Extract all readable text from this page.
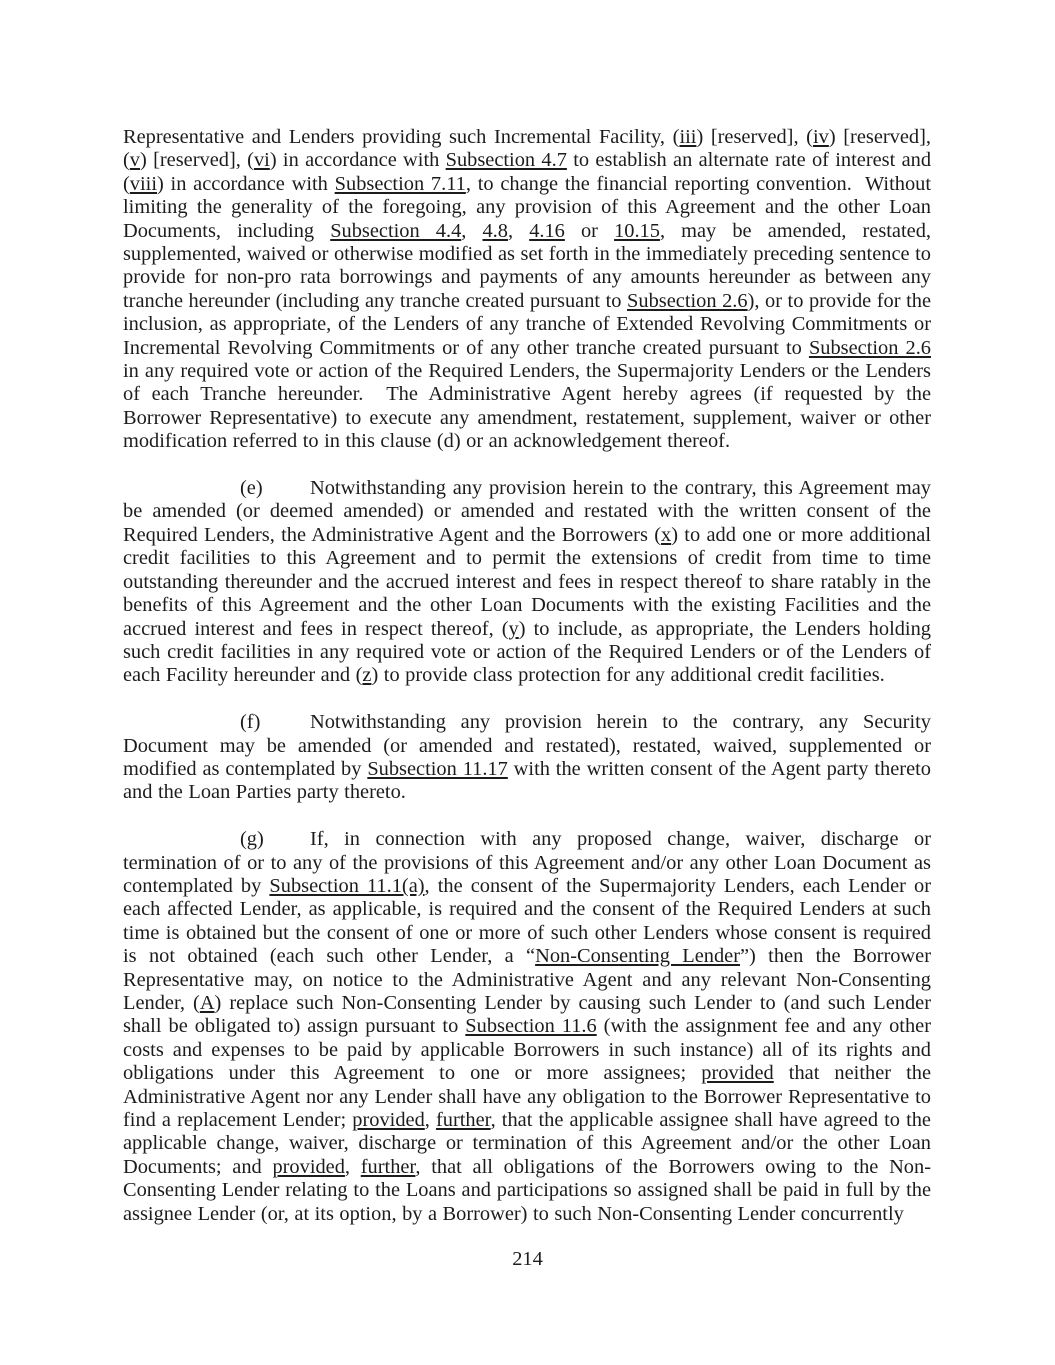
Representative and Lenders providing such Incremental Facility, (iii) [reserved], (iv) [reserved], (v) [reserved], (vi) in accordance with Subsection 4.7 to establish an alternate rate of interest and (viii) in accordance with Subsection 7.11, to change the financial reporting convention.  Without limiting the generality of the foregoing, any provision of this Agreement and the other Loan Documents, including Subsection 4.4, 4.8, 4.16 or 10.15, may be amended, restated, supplemented, waived or otherwise modified as set forth in the immediately preceding sentence to provide for non-pro rata borrowings and payments of any amounts hereunder as between any tranche hereunder (including any tranche created pursuant to Subsection 2.6), or to provide for the inclusion, as appropriate, of the Lenders of any tranche of Extended Revolving Commitments or Incremental Revolving Commitments or of any other tranche created pursuant to Subsection 2.6 in any required vote or action of the Required Lenders, the Supermajority Lenders or the Lenders of each Tranche hereunder.  The Administrative Agent hereby agrees (if requested by the Borrower Representative) to execute any amendment, restatement, supplement, waiver or other modification referred to in this clause (d) or an acknowledgement thereof.

(e) Notwithstanding any provision herein to the contrary, this Agreement may be amended (or deemed amended) or amended and restated with the written consent of the Required Lenders, the Administrative Agent and the Borrowers (x) to add one or more additional credit facilities to this Agreement and to permit the extensions of credit from time to time outstanding thereunder and the accrued interest and fees in respect thereof to share ratably in the benefits of this Agreement and the other Loan Documents with the existing Facilities and the accrued interest and fees in respect thereof, (y) to include, as appropriate, the Lenders holding such credit facilities in any required vote or action of the Required Lenders or of the Lenders of each Facility hereunder and (z) to provide class protection for any additional credit facilities.

(f) Notwithstanding any provision herein to the contrary, any Security Document may be amended (or amended and restated), restated, waived, supplemented or modified as contemplated by Subsection 11.17 with the written consent of the Agent party thereto and the Loan Parties party thereto.

(g) If, in connection with any proposed change, waiver, discharge or termination of or to any of the provisions of this Agreement and/or any other Loan Document as contemplated by Subsection 11.1(a), the consent of the Supermajority Lenders, each Lender or each affected Lender, as applicable, is required and the consent of the Required Lenders at such time is obtained but the consent of one or more of such other Lenders whose consent is required is not obtained (each such other Lender, a “Non-Consenting Lender”) then the Borrower Representative may, on notice to the Administrative Agent and any relevant Non-Consenting Lender, (A) replace such Non-Consenting Lender by causing such Lender to (and such Lender shall be obligated to) assign pursuant to Subsection 11.6 (with the assignment fee and any other costs and expenses to be paid by applicable Borrowers in such instance) all of its rights and obligations under this Agreement to one or more assignees; provided that neither the Administrative Agent nor any Lender shall have any obligation to the Borrower Representative to find a replacement Lender; provided, further, that the applicable assignee shall have agreed to the applicable change, waiver, discharge or termination of this Agreement and/or the other Loan Documents; and provided, further, that all obligations of the Borrowers owing to the Non-Consenting Lender relating to the Loans and participations so assigned shall be paid in full by the assignee Lender (or, at its option, by a Borrower) to such Non-Consenting Lender concurrently

214
